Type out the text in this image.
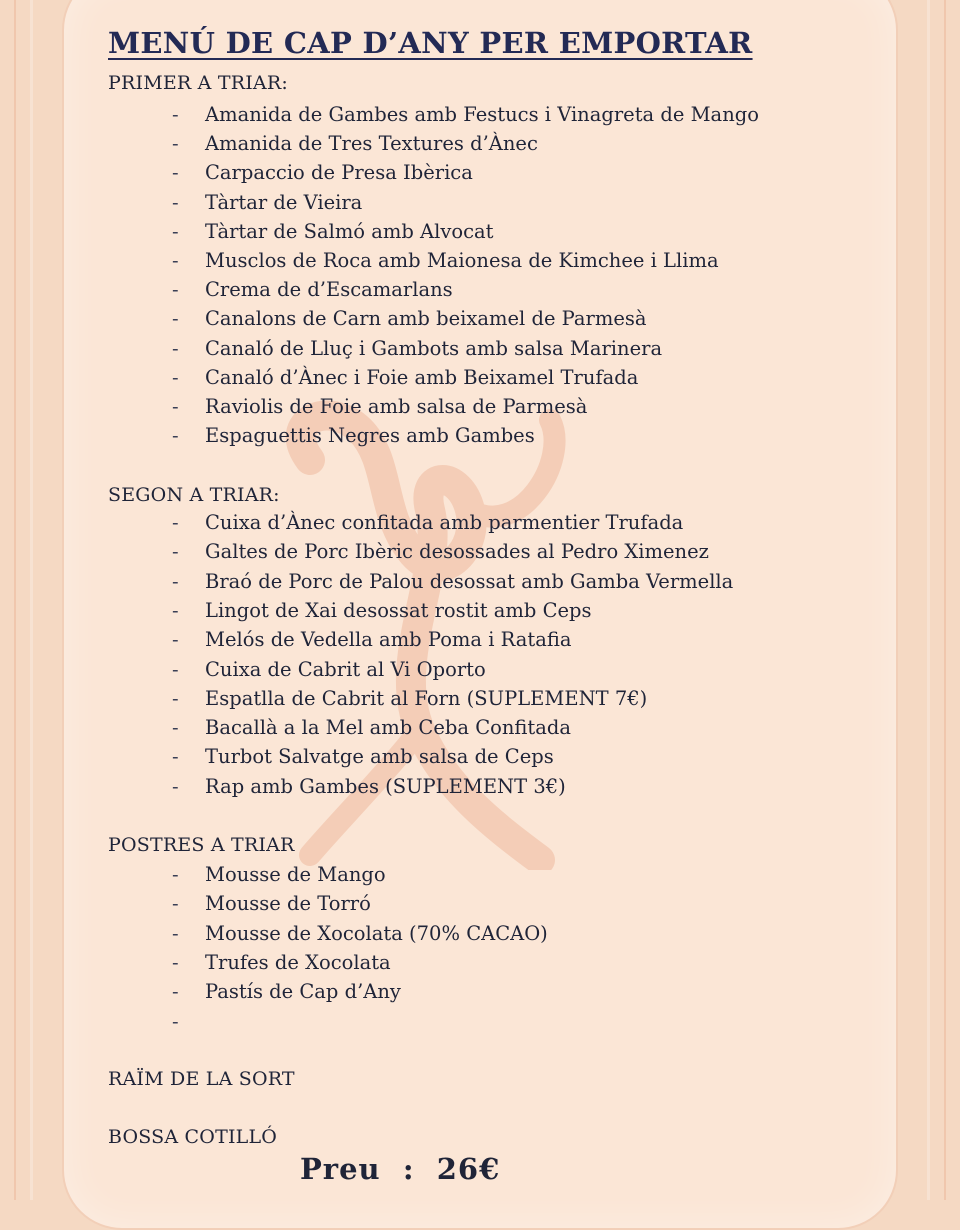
MENÚ DE CAP D’ANY PER EMPORTAR
PRIMER A TRIAR:
-	Amanida de Gambes amb Festucs i Vinagreta de Mango
-	Amanida de Tres Textures d’Ànec
-	Carpaccio de Presa Ibèrica
-	Tàrtar de Vieira
-	Tàrtar de Salmó amb Alvocat
-	Musclos de Roca amb Maionesa de Kimchee i Llima
-	Crema de d’Escamarlans
-	Canalons de Carn amb beixamel de Parmesà
-	Canaló de Lluç i Gambots amb salsa Marinera
-	Canaló d’Ànec i Foie amb Beixamel Trufada
-	Raviolis de Foie amb salsa de Parmesà
-	Espaguettis Negres amb Gambes
SEGON A TRIAR:
-	Cuixa d’Ànec confitada amb parmentier Trufada
-	Galtes de Porc Ibèric desossades al Pedro Ximenez
-	Braó de Porc de Palou desossat amb Gamba Vermella
-	Lingot de Xai desossat rostit amb Ceps
-	Melós de Vedella amb Poma i Ratafia
-	Cuixa de Cabrit al Vi Oporto
-	Espatlla de Cabrit al Forn (SUPLEMENT 7€)
-	Bacallà a la Mel amb Ceba Confitada
-	Turbot Salvatge amb salsa de Ceps
-	Rap amb Gambes (SUPLEMENT 3€)
POSTRES A TRIAR
-	Mousse de Mango
-	Mousse de Torró
-	Mousse de Xocolata (70% CACAO)
-	Trufes de Xocolata
-	Pastís de Cap d’Any
-
RAÏM DE LA SORT
BOSSA COTILLÓ
Preu  :  26€
